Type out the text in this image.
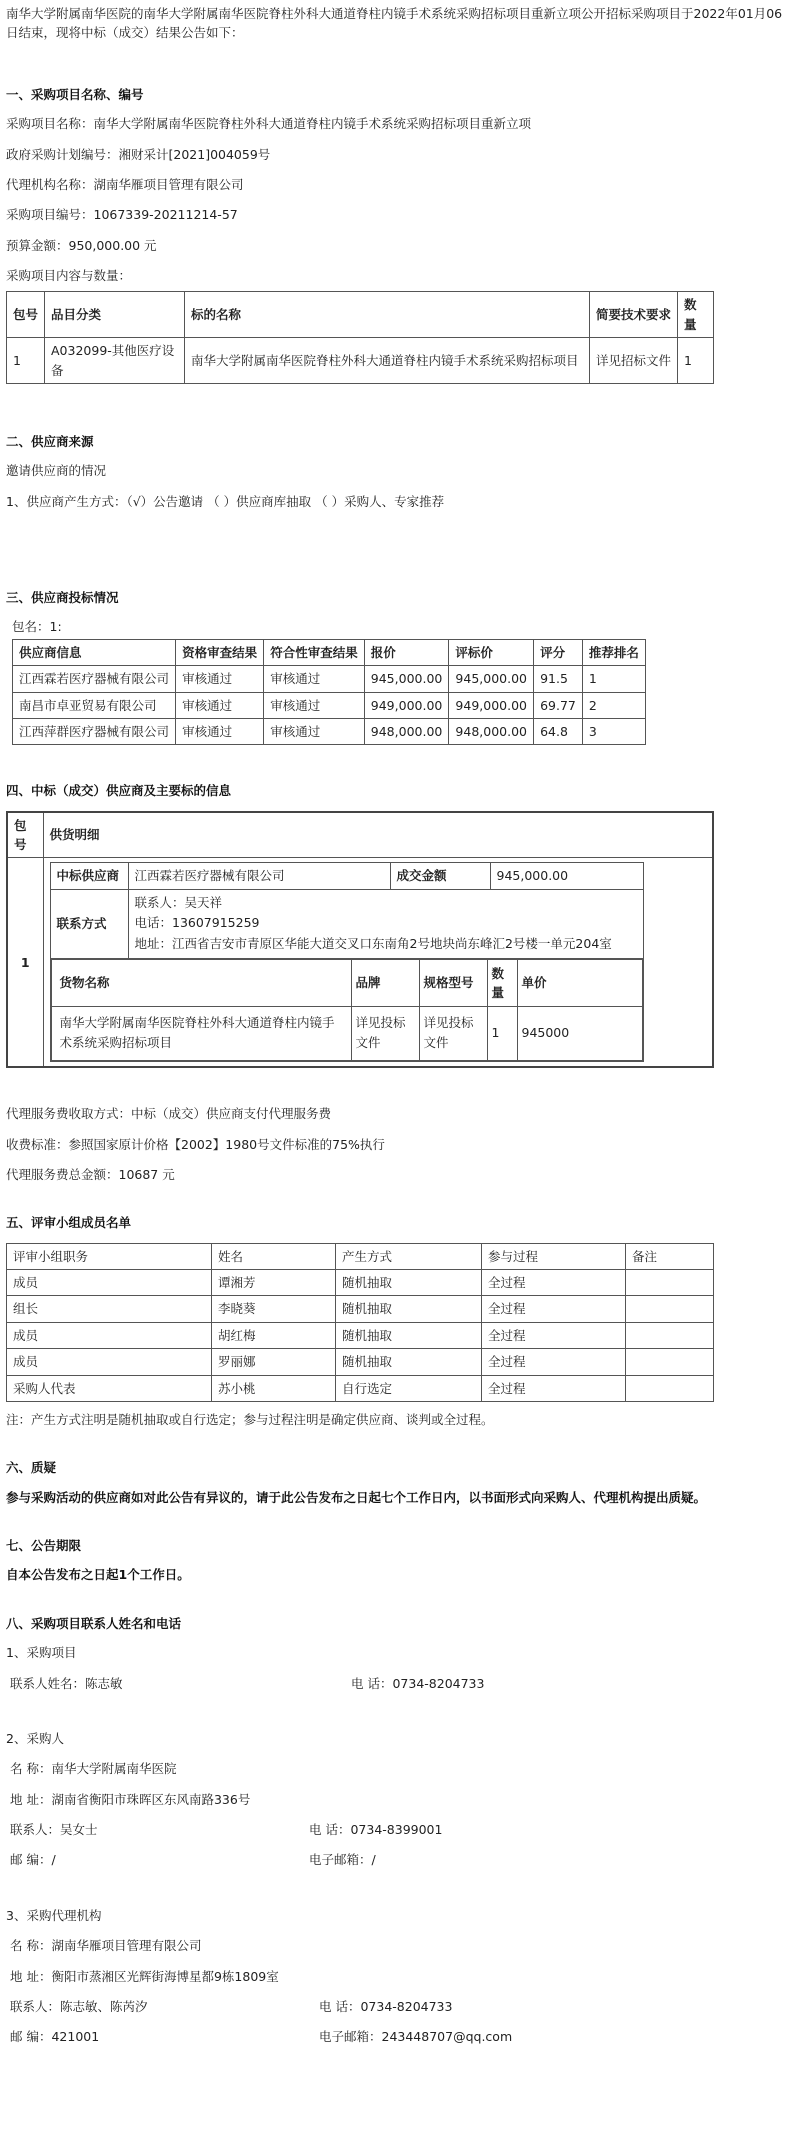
南华大学附属南华医院的南华大学附属南华医院脊柱外科大通道脊柱内镜手术系统采购招标项目重新立项公开招标采购项目于2022年01月06日结束，现将中标（成交）结果公告如下：

一、采购项目名称、编号

采购项目名称：南华大学附属南华医院脊柱外科大通道脊柱内镜手术系统采购招标项目重新立项

政府采购计划编号：湘财采计[2021]004059号

代理机构名称：湖南华雁项目管理有限公司

采购项目编号：1067339-20211214-57

预算金额：950,000.00 元

采购项目内容与数量：

包号	品目分类	标的名称	简要技术要求	数量
1	A032099-其他医疗设备	南华大学附属南华医院脊柱外科大通道脊柱内镜手术系统采购招标项目	详见招标文件	1

二、供应商来源

邀请供应商的情况

1、供应商产生方式：（√）公告邀请 （ ）供应商库抽取 （ ）采购人、专家推荐

三、供应商投标情况

包名：1:

供应商信息	资格审查结果	符合性审查结果	报价	评标价	评分	推荐排名
江西霖若医疗器械有限公司	审核通过	审核通过	945,000.00	945,000.00	91.5	1
南昌市卓亚贸易有限公司	审核通过	审核通过	949,000.00	949,000.00	69.77	2
江西萍群医疗器械有限公司	审核通过	审核通过	948,000.00	948,000.00	64.8	3

四、中标（成交）供应商及主要标的信息

包号	供货明细
1	
中标供应商	江西霖若医疗器械有限公司	成交金额	945,000.00
联系方式	
联系人：吴天祥
电话：13607915259
地址：江西省吉安市青原区华能大道交叉口东南角2号地块尚东峰汇2号楼一单元204室

货物名称	品牌	规格型号	数量	单价
南华大学附属南华医院脊柱外科大通道脊柱内镜手术系统采购招标项目	详见投标文件	详见投标文件	1	945000

代理服务费收取方式：中标（成交）供应商支付代理服务费

收费标准：参照国家原计价格【2002】1980号文件标准的75%执行

代理服务费总金额：10687 元

五、评审小组成员名单

评审小组职务	姓名	产生方式	参与过程	备注
成员	谭湘芳	随机抽取	全过程	
组长	李晓葵	随机抽取	全过程	
成员	胡红梅	随机抽取	全过程	
成员	罗丽娜	随机抽取	全过程	
采购人代表	苏小桃	自行选定	全过程	

注：产生方式注明是随机抽取或自行选定；参与过程注明是确定供应商、谈判或全过程。

六、质疑

参与采购活动的供应商如对此公告有异议的，请于此公告发布之日起七个工作日内，以书面形式向采购人、代理机构提出质疑。

七、公告期限

自本公告发布之日起1个工作日。

八、采购项目联系人姓名和电话

1、采购项目

联系人姓名：陈志敏	电 话：0734-8204733

2、采购人

名 称：南华大学附属南华医院

地 址：湖南省衡阳市珠晖区东风南路336号

联系人：吴女士	电 话：0734-8399001
邮 编：/	电子邮箱：/

3、采购代理机构

名 称：湖南华雁项目管理有限公司

地 址：衡阳市蒸湘区光辉街海博星都9栋1809室

联系人：陈志敏、陈芮汐	电 话：0734-8204733
邮 编：421001	电子邮箱：243448707@qq.com
